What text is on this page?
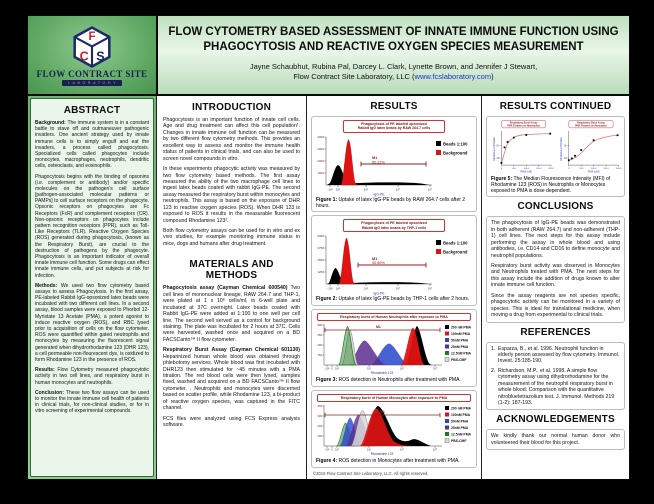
F
C S
FLOW CONTRACT SITE
LABORATORY
FLOW CYTOMETRY BASED ASSESSMENT OF INNATE IMMUNE FUNCTION USING
PHAGOCYTOSIS AND REACTIVE OXYGEN SPECIES MEASUREMENT
Jayne Schaubhut, Rubina Pal, Darcey L. Clark, Lynette Brown, and Jennifer J Stewart,
Flow Contract Site Laboratory, LLC (www.fcslaboratory.com)
ABSTRACT

Background: The immune system is in a constant battle to stave off and outmaneuver pathogenic invaders. One ancient strategy used by innate immune cells is to simply engulf and eat the invaders, a process called phagocytosis. Specialized cells called phagocytes include monocytes, macrophages, neutrophils, dendritic cells, osteoclasts, and eosinophils.

Phagocytosis begins with the binding of opsonins (i.e. complement or antibody) and/or specific molecules on the pathogen's cell surface [pathogen-associated molecular patterns or PAMPs] to cell surface receptors on the phagocyte. Opsonic receptors on phagocytes are Fc Receptors (FcR) and complement receptors (CR). Non-opsonic receptors on phagocytes include pattern recognition receptors (PPR), such as Toll-Like Receptors (TLR). Reactive Oxygen Species (ROS) generated during phagocytosis, (known as the Respiratory Burst), are crucial to the destruction of pathogens by the phagocyte. Phagocytosis is an important indicator of overall innate immune cell function. Some drugs can effect innate immune cells, and put subjects at risk for infection.

Methods: We used two flow cytometry based assays to assess Phagocytosis. In the first assay, PE-labeled Rabbit IgG-opsonized latex beads were incubated with two different cell lines. In a second assay, blood samples were exposed to Phorbol 12-Myristate 13 Acetate (PMA), a potent agonist to induce reactive oxygen (ROS), and RBC lysed prior to acquisition of cells on the flow cytometer. ROS were quantified within gated neutrophils and monocytes by measuring the fluorescent signal generated when dihydrorhodamine 123 (DHR 123), a cell permeable non-flourescent dye, is oxidized to form Rhodamine 123 in the presence of ROS.

Results: Flow Cytometry measured phagocytotic activity in two cell lines, and respiratory burst in human monocytes and neutrophils.

Conclusion: These two flow assays can be used to monitor the innate immune cell health of patients in clinical trials, for non-clinical studies, or for in vitro screening of experimental compounds.

INTRODUCTION

Phagocytosis is an important function of innate cell cells. Age and drug treatment can affect this cell population¹. Changes in innate immune cell function can be measured by two different flow cytometry methods. This provides an excellent way to assess and monitor the immune health status of patients in clinical trials, and can also be used to screen novel compounds in vitro.

In these experiments phagocytic activity was measured by two flow cytometry based methods. The first assay measured the ability of the two macrophage cell lines to ingest latex beads coated with rabbit IgG-PE. The second assay measured the respiratory burst within monocytes and neutrophils. This assay is based on the exposure of DHR 123 to reactive oxygen species (ROS). When DHR 123 is exposed to ROS it results in the measurable fluorescent compound Rhodamine 123².

Both flow cytometry assays can be used for in vitro and ex vivo studies, for example monitoring immune status in mice, dogs and humans after drug treatment.

MATERIALS AND METHODS

Phagocytosis assay (Cayman Chemical 600540) Two cell lines of mononuclear lineage, RAW 264.7 and THP-1, were plated at 1 x 10⁶ cells/ml, in 6-well plate and incubated at 37C overnight. Latex beads coated with Rabbit IgG-PE were added at 1:100 to one well per cell line. The second well served as a control for background staining. The plate was incubated for 2 hours at 37C. Cells were harvested, washed once and acquired on a BD FACSCanto™ II flow cytometer.

Respiratory Burst Assay (Cayman Chemical 601130) Heparinized human whole blood was obtained through phlebotomy services. Whole blood was first incubated with DHR123 then stimulated for ~45 minutes with a PMA titration. The red blood cells were then lysed, samples fixed, washed and acquired on a BD FACSCanto™ II flow cytometer. . Neutrophils and monocytes were discerned based on scatter profile, while Rhodamine 123, a bi-product of reactive oxygen species, was captured in the FITC channel.

FCS files were analyzed using FCS Express analysis software.

RESULTS
Phagocytosis of PE labeled opsonized
Rabbit IgG latex beads by RAW 264.7 cells
1000
2000
3000
4000
-10² 10²	10³	10⁴	10⁵
IgG-PE
M1
60.22%
Beads 1:100
Background

Figure 1: Uptake of latex IgG-PE beads by RAW 264.7 cells after 2 hours.

Phagocytosis of PE labeled opsonized
Rabbit IgG latex beads by THP-1 cells
1250
2500
3750
5000
-10² 10²	10³	10⁴	10⁵
IgG-PE
M1
40.89%
Beads 1:100
Background

Figure 2: Uptake of latex IgG-PE beads by THP-1 cells after 2 hours.

Respiratory burst of Human Neutrophils after exposure to PMA
150
300
450
600
-10² 0 10²	10³	10⁴	10⁵
Rhodamine 123
M1	200 nM PMA
100nM PMA
50nM PMA
25nM PMA
12.5nM PMA
PBS-CMF

Figure 3: ROS detection in Neutrophils after treatment with PMA.

Respiratory burst of Human Monocytes after exposure to PMA
100
200
300
400
-10² 0 10²	10³	10⁴	10⁵
Rhodamine 123
M1
200 nM PMA
100nM PMA
50nM PMA
25nM PMA
12.5nM PMA
PBS-CMF

Figure 4: ROS detection in Monocytes after treatment with PMA.

©2019 Flow Contract Site Laboratory, LLC. All rights reserved.
RESULTS CONTINUED
Respiratory Burst Assay
PMA Titration on Neutrophils
10³
10⁴
0	50.0	100.0	150.0	200.0
PMA (nM)
Rhodamine 123 Median
Respiratory Burst Assay
PMA Titration on Monocytes
10³
10⁴
0	50.0	100.0	150.0	200.0
PMA (nM)
Rhodamine 123 Median

Figure 5: The Median Flourescence Intensity (MFI) of Rhodamine 123 (ROS) in Neutrophils or Monocytes exposed to PMA is dose dependent.

CONCLUSIONS

The phagocytosis of IgG-PE beads was demonstrated in both adherent (RAW 264.7) and non-adherent (THP-1) cell lines. The next steps for this assay include performing the assay in whole blood and using antibodies, i.e. CD14 and CD16 to define monocyte and neutrophil populations.

Respiratory burst activity was observed in Monocytes and Neutrophils treated with PMA. The next steps for this assay include the addition of drugs known to alter innate immune cell function.

Since the assay reagents are not species specific, phagocytotic activity can be monitored in a variety of species. This is ideal for translational medicine, when moving a drug from experimental to clinical trials.

REFERENCES
1. Esparza, B., et al. 1996. Neutrophil function in elderly person assessed by flow cytometry. Immunol. Invest. 25:185-190.
2. Richardson, M.P., et al. 1998. A simple flow cytometry assay using dihydrorhodamine for the measurement of the neutrophil respiratory burst in whole blood: Comparison with the quantitative nitrobluetetrazolium test. J. Immunol. Methods 219 (1-2): 187-193.
ACKNOWLEDGEMENTS

We kindly thank our normal human donor who volunteered their blood for this project.
